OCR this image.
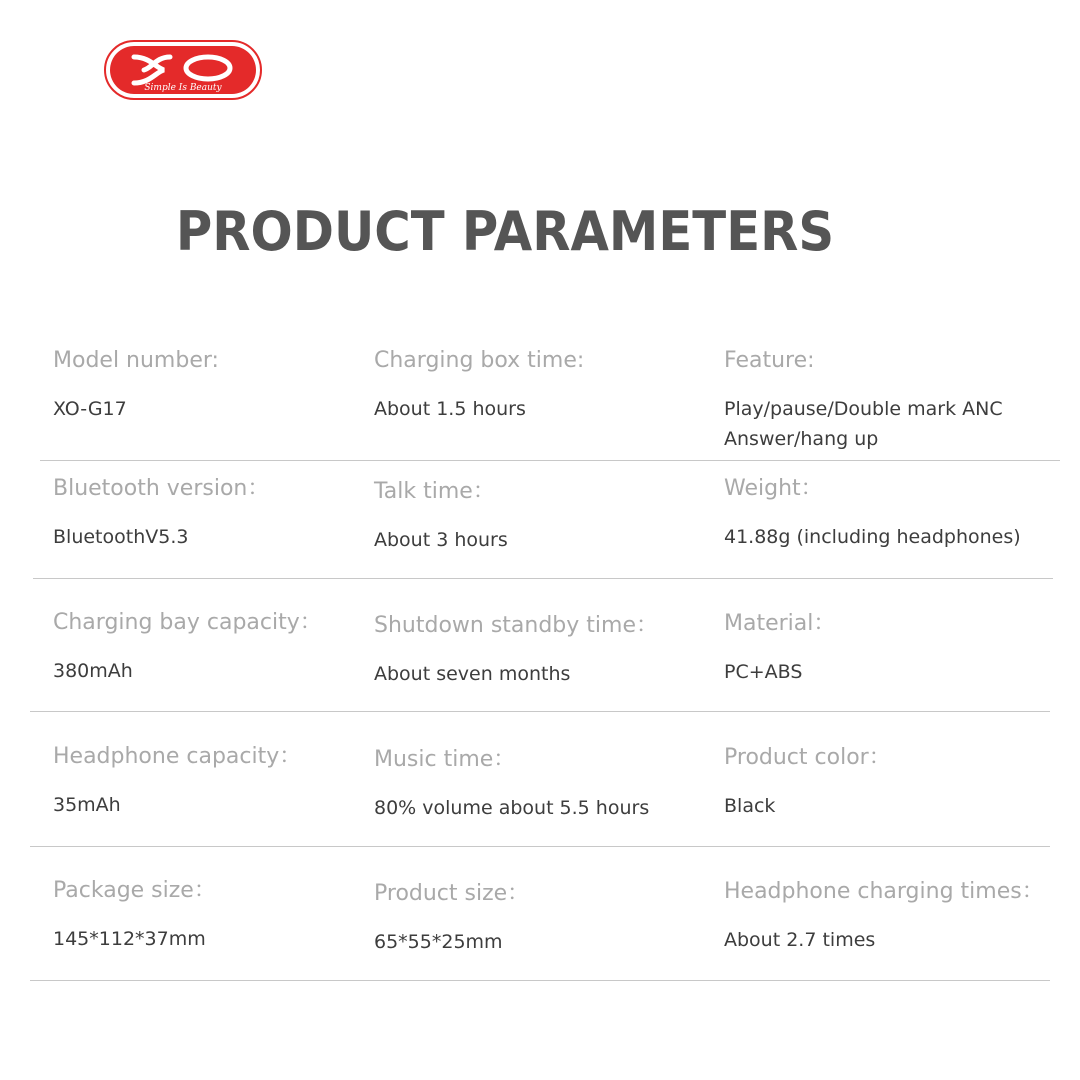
Simple Is Beauty
PRODUCT PARAMETERS
Model number:
XO-G17
Charging box time:
About 1.5 hours
Feature:
Play/pause/Double mark ANC
Answer/hang up
Bluetooth version：
BluetoothV5.3
Talk time：
About 3 hours
Weight：
41.88g (including headphones)
Charging bay capacity：
380mAh
Shutdown standby time：
About seven months
Material：
PC+ABS
Headphone capacity：
35mAh
Music time：
80% volume about 5.5 hours
Product color：
Black
Package size：
145*112*37mm
Product size：
65*55*25mm
Headphone charging times：
About 2.7 times
